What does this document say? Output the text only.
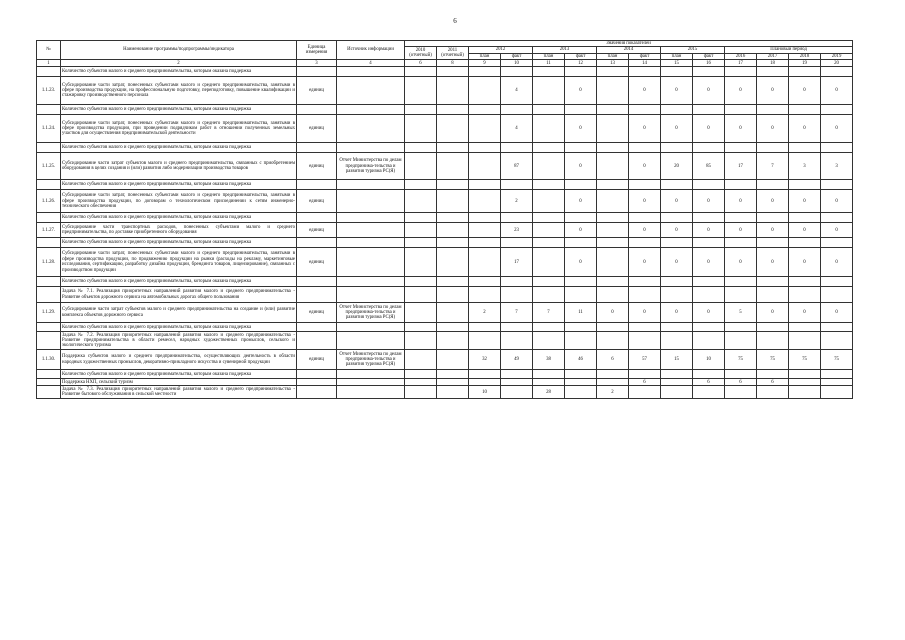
6
№	Наименование программы/подпрограммы/индикатора	Единица измерения	Источник информации	Значения показателей													
				2010 (отчетный)	2011 (отчетный)	2012		2013		2014		2015		Плановый период			
						план	факт	план	факт	план	факт	план	факт	2016	2017	2018	2019
1	2	3	4	6	8	9	10	11	12	13	14	15	16	17	18	19	20
	Количество субъектов малого и среднего предпринимательства, которым оказана поддержка																
1.1.23.	Субсидирование части затрат, понесенных субъектами малого и среднего предпринимательства, занятыми в сфере производства продукции, на профессиональную подготовку, переподготовку, повышение квалификации и стажировку производственного персонала	единиц					4		0		0	0	0	0	0	0	0
	Количество субъектов малого и среднего предпринимательства, которым оказана поддержка																
1.1.24.	Субсидирование части затрат, понесенных субъектами малого и среднего предпринимательства, занятыми в сфере производства продукции, при проведении подрядчиком работ в отношении полученных земельных участков для осуществления предпринимательской деятельности	единиц					4		0		0	0	0	0	0	0	0
	Количество субъектов малого и среднего предпринимательства, которым оказана поддержка																
1.1.25.	Субсидирование части затрат субъектов малого и среднего предпринимательства, связанных с приобретением оборудования в целях создания и (или) развития либо модернизации производства товаров	единиц	Отчет Министерства по делам предпринима-тельства и развития туризма РС(Я)				87		0		0	20	85	17	7	3	3
	Количество субъектов малого и среднего предпринимательства, которым оказана поддержка																
1.1.26.	Субсидирование части затрат, понесенных субъектами малого и среднего предпринимательства, занятыми в сфере производства продукции, по договорам о технологическом присоединении к сетям инженерно-технического обеспечения	единиц					2		0		0	0	0	0	0	0	0
	Количество субъектов малого и среднего предпринимательства, которым оказана поддержка																
1.1.27.	Субсидирование части транспортных расходов, понесенных субъектами малого и среднего предпринимательства, по доставке приобретенного оборудования	единиц					23		0		0	0	0	0	0	0	0
	Количество субъектов малого и среднего предпринимательства, которым оказана поддержка																
1.1.28.	Субсидирование части затрат, понесенных субъектами малого и среднего предпринимательства, занятыми в сфере производства продукции, по продвижению продукции на рынки (расходы на рекламу, маркетинговые исследования, сертификацию, разработку дизайна продукции, брендинга товаров, лицензирование), связанных с производством продукции	единиц					17		0		0	0	0	0	0	0	0
	Количество субъектов малого и среднего предпринимательства, которым оказана поддержка																
	Задача № 7.1. Реализация приоритетных направлений развития малого и среднего предпринимательства - Развитие объектов дорожного сервиса на автомобильных дорогах общего пользования																
1.1.29.	Субсидирование части затрат субъектов малого и среднего предпринимательства на создание и (или) развитие комплекса объектов дорожного сервиса	единиц	Отчет Министерства по делам предпринима-тельства и развития туризма РС(Я)			2	7	7	11	0	0	0	0	5	0	0	0
	Количество субъектов малого и среднего предпринимательства, которым оказана поддержка																
	Задача № 7.2. Реализация приоритетных направлений развития малого и среднего предпринимательства - Развитие предпринимательства в области ремесел, народных художественных промыслов, сельского и экологического туризма																
1.1.30.	Поддержка субъектов малого и среднего предпринимательства, осуществляющих деятельность в области народных художественных промыслов, декоративно-прикладного искусства и сувенирной продукции	единиц	Отчет Министерства по делам предпринима-тельства и развития туризма РС(Я)			32	49	38	46	6	57	15	10	75	75	75	75
	Количество субъектов малого и среднего предпринимательства, которым оказана поддержка																
	Поддержка НХП, сельский туризм										6		6	6	6		
	Задача № 7.3. Реализация приоритетных направлений развития малого и среднего предпринимательства - Развитие бытового обслуживания в сельской местности					10		28		2							
